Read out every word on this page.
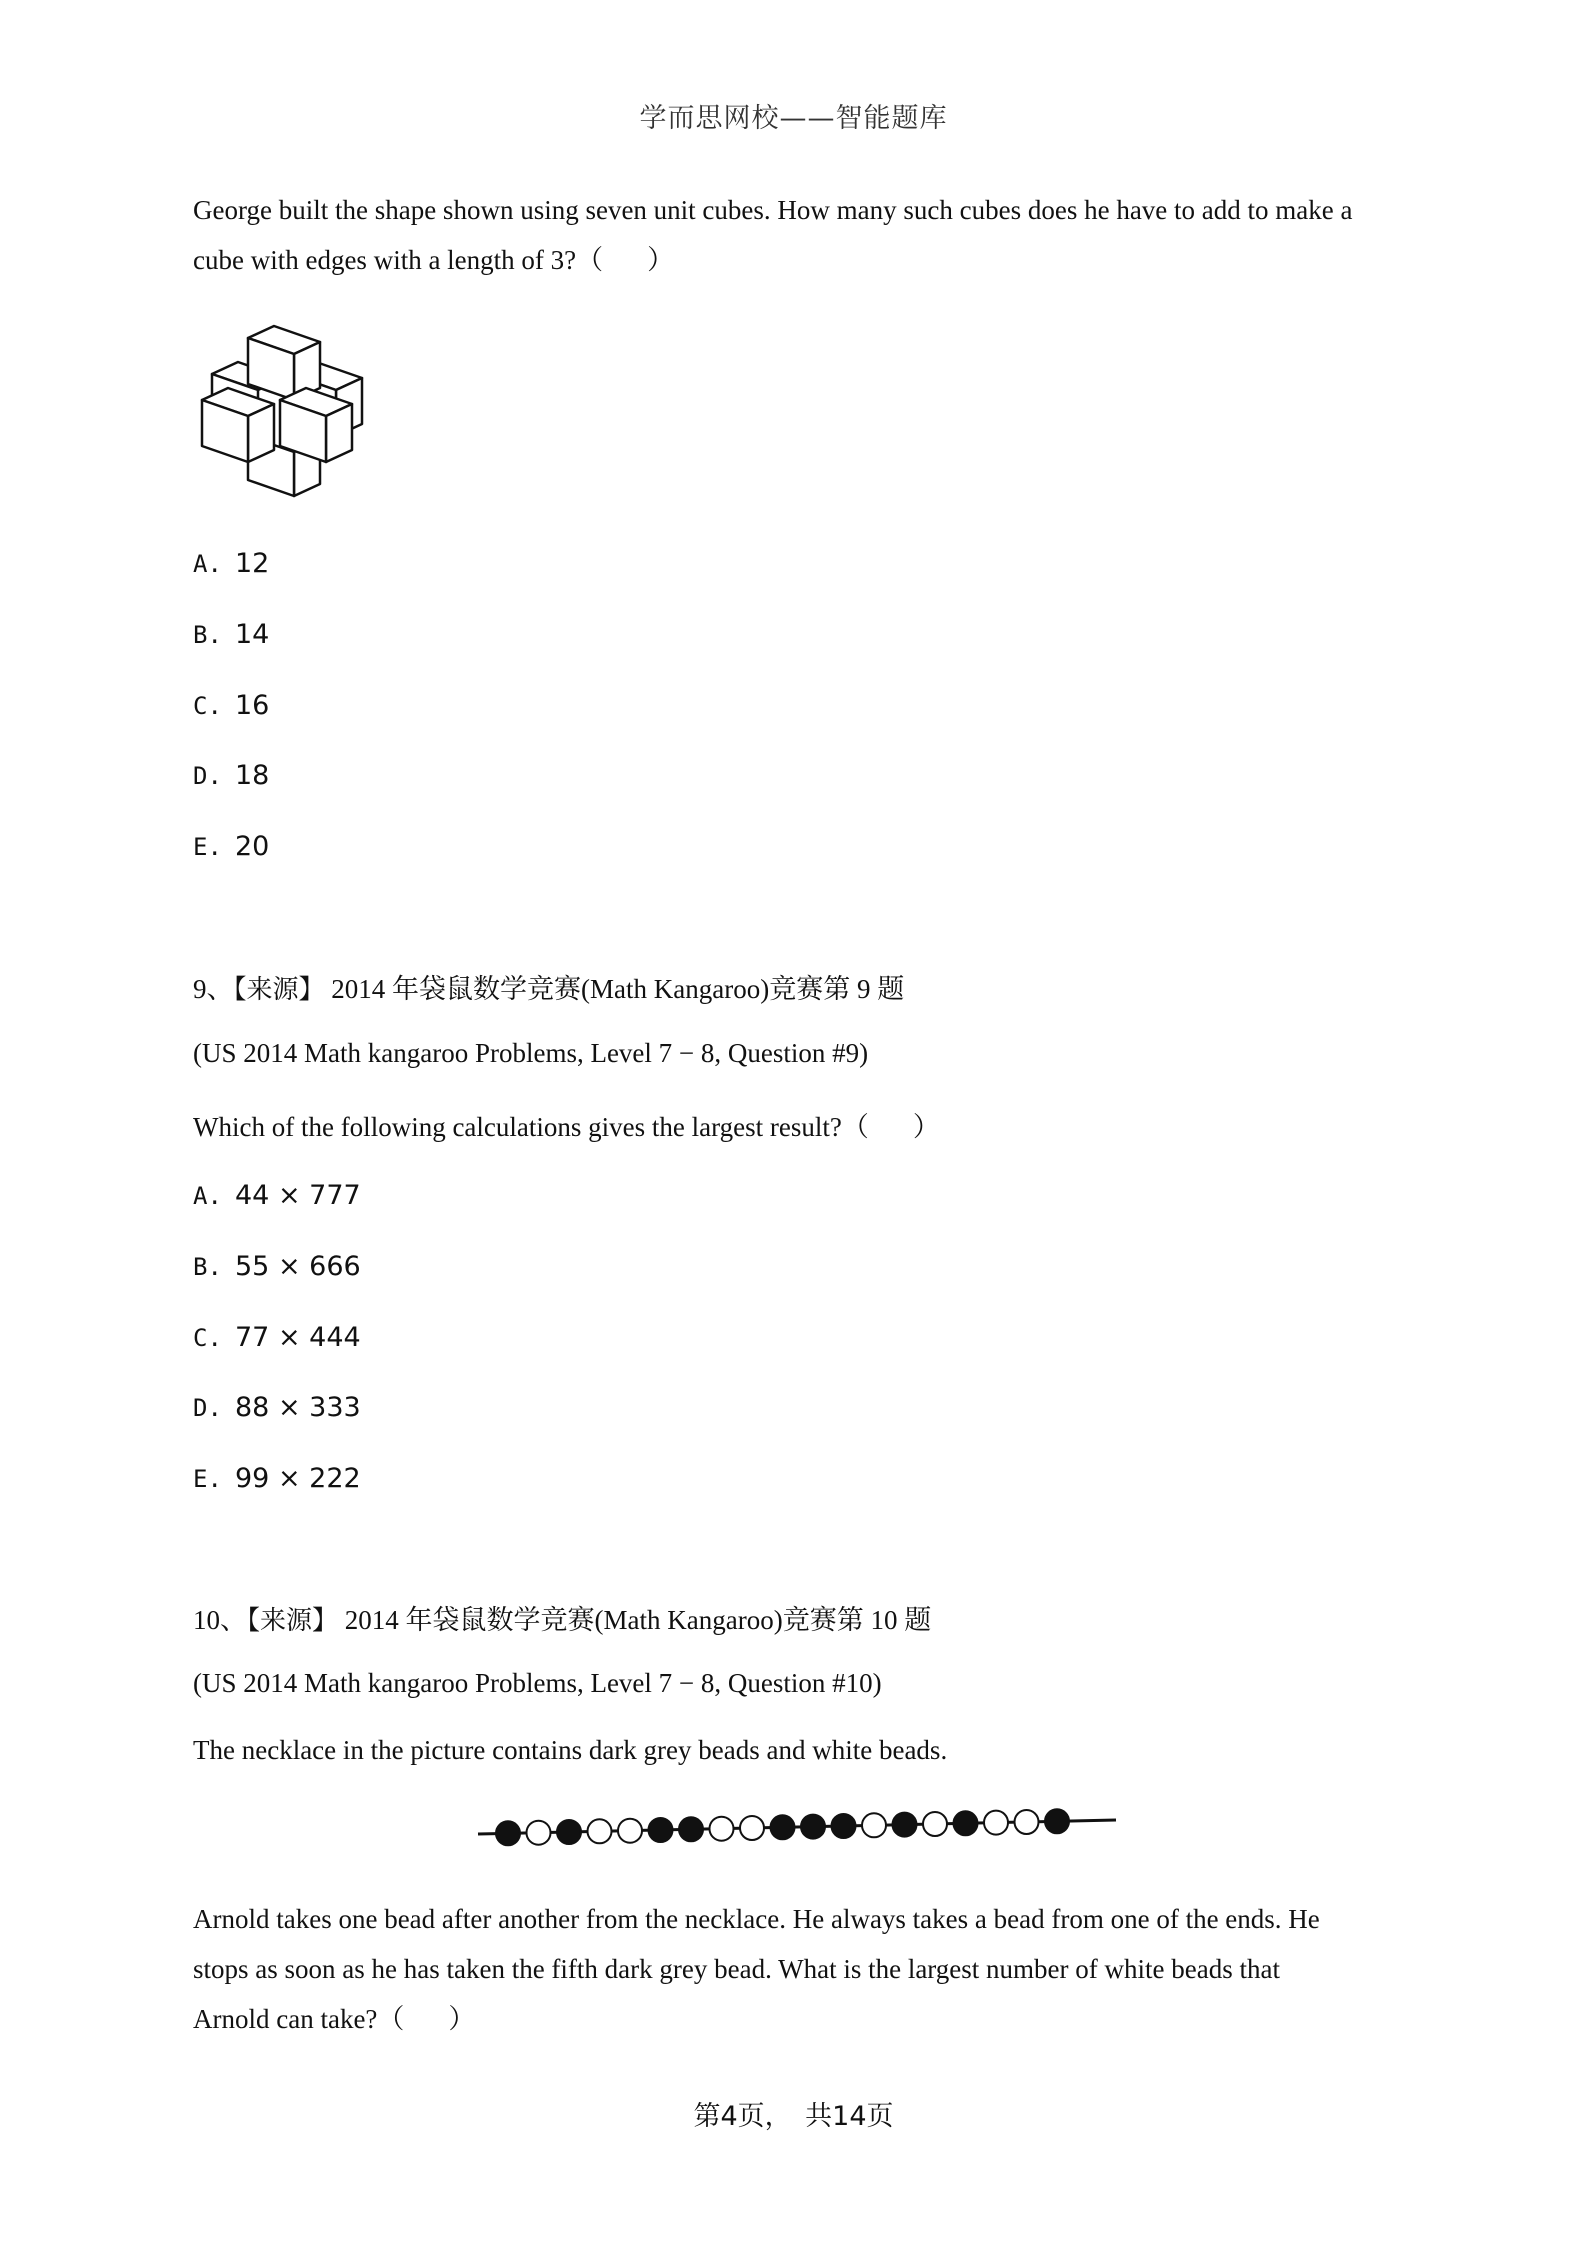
学而思网校——智能题库
George built the shape shown using seven unit cubes. How many such cubes does he have to add to make a
cube with edges with a length of 3?（ ）
A. 12
B. 14
C. 16
D. 18
E. 20
9、【来源】 2014 年袋鼠数学竞赛(Math Kangaroo)竞赛第 9 题
(US 2014 Math kangaroo Problems, Level 7 − 8, Question #9)
Which of the following calculations gives the largest result?（ ）
A. 44 × 777
B. 55 × 666
C. 77 × 444
D. 88 × 333
E. 99 × 222
10、【来源】 2014 年袋鼠数学竞赛(Math Kangaroo)竞赛第 10 题
(US 2014 Math kangaroo Problems, Level 7 − 8, Question #10)
The necklace in the picture contains dark grey beads and white beads.
Arnold takes one bead after another from the necklace. He always takes a bead from one of the ends. He
stops as soon as he has taken the fifth dark grey bead. What is the largest number of white beads that
Arnold can take?（ ）
第4页，　共14页
